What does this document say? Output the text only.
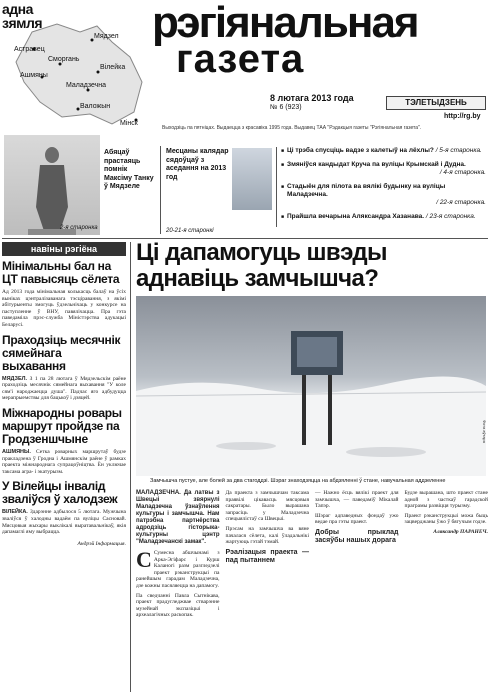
адна
зямля
Астравец
Мядзел
Сморгань
Вілейка
Ашмяны
Маладзечна
Валожын
Мінск
рэгіянальная
газета
ТЭЛЕТЫДЗЕНЬ
8 лютага 2013 года
№ 6 (923)
http://rg.by
Выходзіць па пятніцах. Выдаецца з красавіка 1995 года. Выдавец ТАА "Рэдакцыя газеты "Рэгіянальная газета".
Абяцаў прастаяць помнік Максіму Танку ў Мядзеле
2-я старонка
Месцаны калядар сядоўцаў з аседання на 2013 год
20-21-я старонкі
■ Ці трэба спусціць вадзе з калетыў на лёхлы? / 5-я старонка.
■ Змяніўся кандыдат Круча па вуліцы Крымскай і Дудна.
/ 4-я старонка.
■ Стадыён для пілота ва вялікі будынку на вуліцы Маладзечна.
/ 22-я старонка.
■ Прайшла вечарына Аляксандра Хазанава. / 23-я старонка.
навіны рэгіёна
Мінімальны бал на ЦТ павысяць сёлета
Ад 2013 года мінімальная колькасць балаў на ўсіх выніках цэнтралізаванага тэсціравання, з якімі абітурыенты змогуць ўдзельнічаць у конкурсе на паступленне ў ВНУ, павялічацца. Пра гэта паведаміла прэс-служба Міністэрства адукацыі Беларусі.
Праходзіць месячнік сямейнага выхавання
МЯДЗЕЛ. З 1 па 28 лютага ў Мядзельскім раёне праходзіць месячнік сямейнага выхавання "У коле сям'і народжаецца душа". Падчас яго адбудуцца мерапрыемствы для бацькоў і дзяцей.
Міжнародны ровары маршрут пройдзе па Гродзеншчыне
АШМЯНЫ. Сетка роварных маршрутаў будзе пракладзена ў Гродна і Ашмянскім раёне ў рамках праекта міжнароднага супрацоўніцтва. Ён уключае таксама агра- і экатурызм.
У Вілейцы інвалід зваліўся ў халодзеж
ВІЛЕЙКА. Здарэнне адбылося 5 лютага. Мужчына зваліўся ў халодны вадаём па вуліцы Сасновай. Мясцовыя жыхары выклікалі выратавальнікаў, якія дапамаглі яму выбрацца.
Андрэй Інфармацыя.
Ці дапамогуць швэды аднавіць замчышча?
Фота аўтара
Замчышча пустуе, але болей за два стагоддзі. Шэраг знаходзяцца на абдзяленні ў стане, навучальная аддзеленне

МАЛАДЗЕЧНА. Да латвы з Швецыі звярнулі Маладзечна ўзнаўлення культуры і замчышча. Нам патрэбна партнёрства адродзіць гісторыка-культурны цэнтр "Маладзечанскі замак".

С Сумесна абшчынамі з Арка-Эгіфарс і Курш Каланогі разм разгледзелі праект рэканструкцыі па ранейшым гарадам Маладзечна, дзе кожны пасяляецца на дапамогу.

Па сведчанні Павла Сытнікава, праект прадугледжвае стварэнне музейнай экспазіцыі і археалагічных раскопак.

Да праекта з замчышчам таксама праявілі цікавасць мясцовыя сакратары. Было вырашана запрасіць у Маладзечна спецыялістаў са Швецыі.

Прэсам на замчышча ва вяне пачалася сёлета, калі ўладальнікі жартуюць гэтай тэмай.

Рэалізацыя праекта — пад пытаннем

— Нажно ёсць вялікі праект для замчышча, — паведаміў Мікалай Тапэр.

Шэраг адпаведных фондаў ужо ведае пра гэты праект.

Добры прыклад засяўбы нашых дорага

Будзе вырашана, што праект стане адной з часткаў гарадской праграмы развіцця турызму.

Праект рэканструкцыі можа быць зацверджаны ўжо ў бягучым годзе.

Аляксандр ПАРАНЕЧ.
